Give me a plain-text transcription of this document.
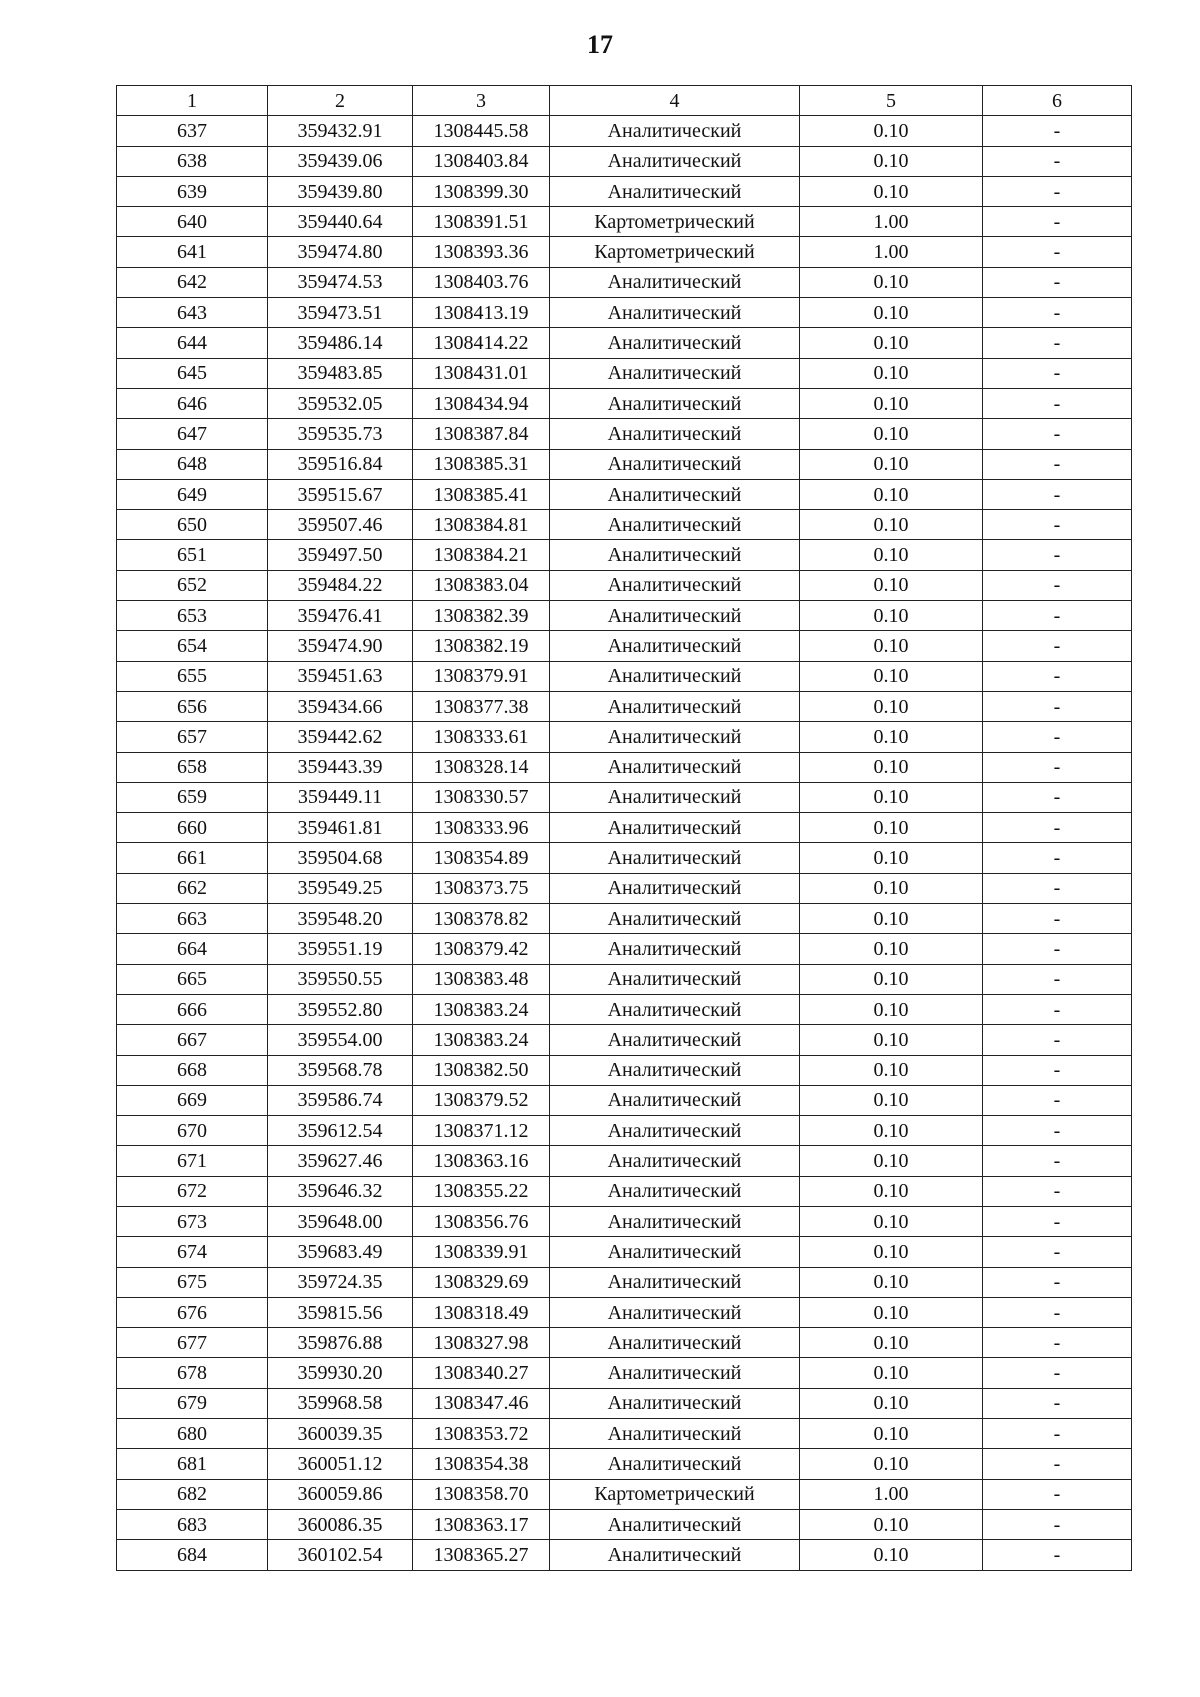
17
1	2	3	4	5	6
637	359432.91	1308445.58	Аналитический	0.10	-
638	359439.06	1308403.84	Аналитический	0.10	-
639	359439.80	1308399.30	Аналитический	0.10	-
640	359440.64	1308391.51	Картометрический	1.00	-
641	359474.80	1308393.36	Картометрический	1.00	-
642	359474.53	1308403.76	Аналитический	0.10	-
643	359473.51	1308413.19	Аналитический	0.10	-
644	359486.14	1308414.22	Аналитический	0.10	-
645	359483.85	1308431.01	Аналитический	0.10	-
646	359532.05	1308434.94	Аналитический	0.10	-
647	359535.73	1308387.84	Аналитический	0.10	-
648	359516.84	1308385.31	Аналитический	0.10	-
649	359515.67	1308385.41	Аналитический	0.10	-
650	359507.46	1308384.81	Аналитический	0.10	-
651	359497.50	1308384.21	Аналитический	0.10	-
652	359484.22	1308383.04	Аналитический	0.10	-
653	359476.41	1308382.39	Аналитический	0.10	-
654	359474.90	1308382.19	Аналитический	0.10	-
655	359451.63	1308379.91	Аналитический	0.10	-
656	359434.66	1308377.38	Аналитический	0.10	-
657	359442.62	1308333.61	Аналитический	0.10	-
658	359443.39	1308328.14	Аналитический	0.10	-
659	359449.11	1308330.57	Аналитический	0.10	-
660	359461.81	1308333.96	Аналитический	0.10	-
661	359504.68	1308354.89	Аналитический	0.10	-
662	359549.25	1308373.75	Аналитический	0.10	-
663	359548.20	1308378.82	Аналитический	0.10	-
664	359551.19	1308379.42	Аналитический	0.10	-
665	359550.55	1308383.48	Аналитический	0.10	-
666	359552.80	1308383.24	Аналитический	0.10	-
667	359554.00	1308383.24	Аналитический	0.10	-
668	359568.78	1308382.50	Аналитический	0.10	-
669	359586.74	1308379.52	Аналитический	0.10	-
670	359612.54	1308371.12	Аналитический	0.10	-
671	359627.46	1308363.16	Аналитический	0.10	-
672	359646.32	1308355.22	Аналитический	0.10	-
673	359648.00	1308356.76	Аналитический	0.10	-
674	359683.49	1308339.91	Аналитический	0.10	-
675	359724.35	1308329.69	Аналитический	0.10	-
676	359815.56	1308318.49	Аналитический	0.10	-
677	359876.88	1308327.98	Аналитический	0.10	-
678	359930.20	1308340.27	Аналитический	0.10	-
679	359968.58	1308347.46	Аналитический	0.10	-
680	360039.35	1308353.72	Аналитический	0.10	-
681	360051.12	1308354.38	Аналитический	0.10	-
682	360059.86	1308358.70	Картометрический	1.00	-
683	360086.35	1308363.17	Аналитический	0.10	-
684	360102.54	1308365.27	Аналитический	0.10	-
